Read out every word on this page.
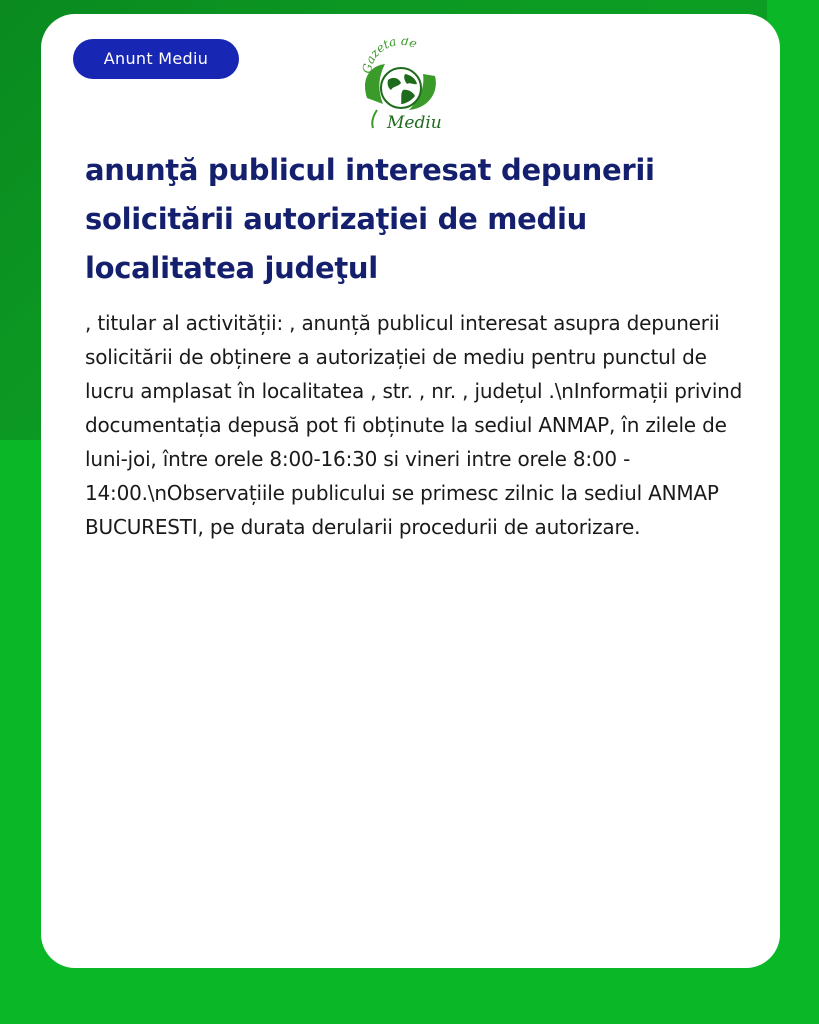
Anunt Mediu
Gazeta de
Mediu
anunţă publicul interesat depunerii solicitării autorizaţiei de mediu localitatea judeţul

, titular al activității: , anunță publicul interesat asupra depunerii solicitării de obținere a autorizației de mediu pentru punctul de lucru amplasat în localitatea , str. , nr. , județul .\nInformații privind documentația depusă pot fi obținute la sediul ANMAP, în zilele de luni-joi, între orele 8:00-16:30 si vineri intre orele 8:00 - 14:00.\nObservațiile publicului se primesc zilnic la sediul ANMAP BUCURESTI, pe durata derularii procedurii de autorizare.
